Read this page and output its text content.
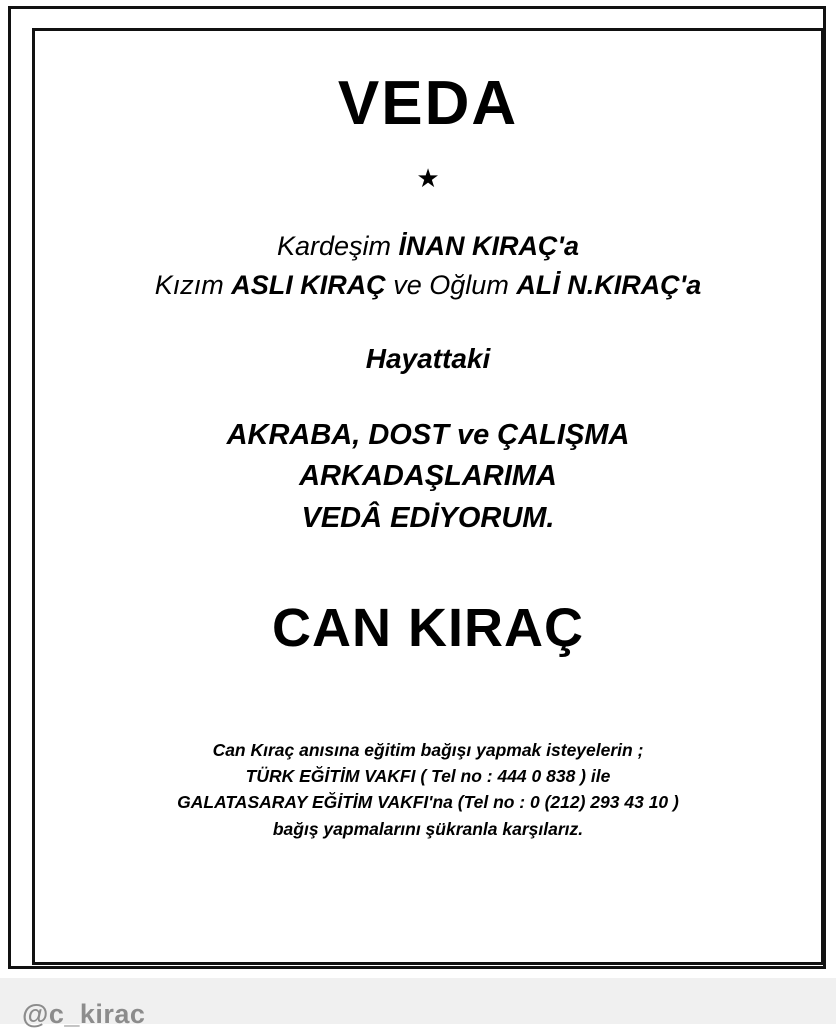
VEDA
★
Kardeşim İNAN KIRAÇ'a
Kızım ASLI KIRAÇ ve Oğlum ALİ N.KIRAÇ'a
Hayattaki
AKRABA, DOST ve ÇALIŞMA
ARKADAŞLARIMA
VEDÂ EDİYORUM.
CAN KIRAÇ
Can Kıraç anısına eğitim bağışı yapmak isteyelerin ;
TÜRK EĞİTİM VAKFI ( Tel no : 444 0 838 ) ile
GALATASARAY EĞİTİM VAKFI'na (Tel no : 0 (212) 293 43 10 )
bağış yapmalarını şükranla karşılarız.
@c_kirac
